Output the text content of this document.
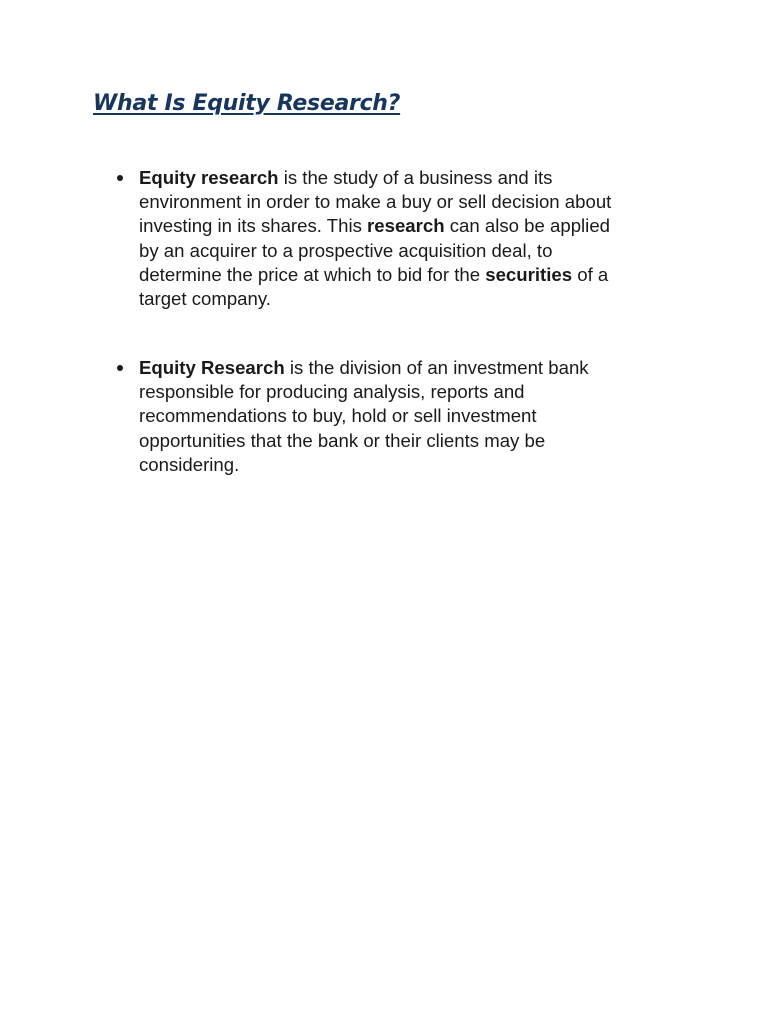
What Is Equity Research?
Equity research is the study of a business and its
environment in order to make a buy or sell decision about
investing in its shares. This research can also be applied
by an acquirer to a prospective acquisition deal, to
determine the price at which to bid for the securities of a
target company.
Equity Research is the division of an investment bank
responsible for producing analysis, reports and
recommendations to buy, hold or sell investment
opportunities that the bank or their clients may be
considering.
